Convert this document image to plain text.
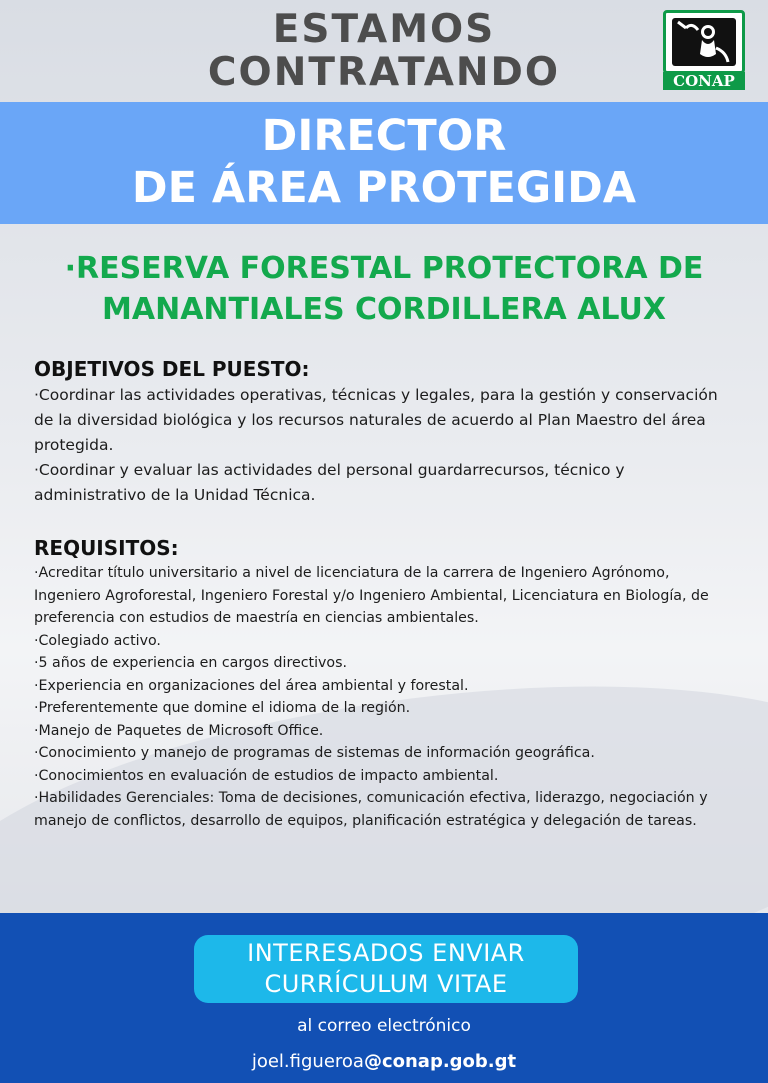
ESTAMOS
CONTRATANDO	CONAP
DIRECTOR
DE ÁREA PROTEGIDA
·RESERVA FORESTAL PROTECTORA DE
MANANTIALES CORDILLERA ALUX
OBJETIVOS DEL PUESTO:

·Coordinar las actividades operativas, técnicas y legales, para la gestión y conservación de la diversidad biológica y los recursos naturales de acuerdo al Plan Maestro del área protegida.

·Coordinar y evaluar las actividades del personal guardarrecursos, técnico y administrativo de la Unidad Técnica.

REQUISITOS:

·Acreditar título universitario a nivel de licenciatura de la carrera de Ingeniero Agrónomo, Ingeniero Agroforestal, Ingeniero Forestal y/o Ingeniero Ambiental, Licenciatura en Biología, de preferencia con estudios de maestría en ciencias ambientales.

·Colegiado activo.

·5 años de experiencia en cargos directivos.

·Experiencia en organizaciones del área ambiental y forestal.

·Preferentemente que domine el idioma de la región.

·Manejo de Paquetes de Microsoft Office.

·Conocimiento y manejo de programas de sistemas de información geográfica.

·Conocimientos en evaluación de estudios de impacto ambiental.

·Habilidades Gerenciales: Toma de decisiones, comunicación efectiva, liderazgo, negociación y manejo de conflictos, desarrollo de equipos, planificación estratégica y delegación de tareas.

INTERESADOS ENVIAR
CURRÍCULUM VITAE
al correo electrónico
joel.figueroa@conap.gob.gt
